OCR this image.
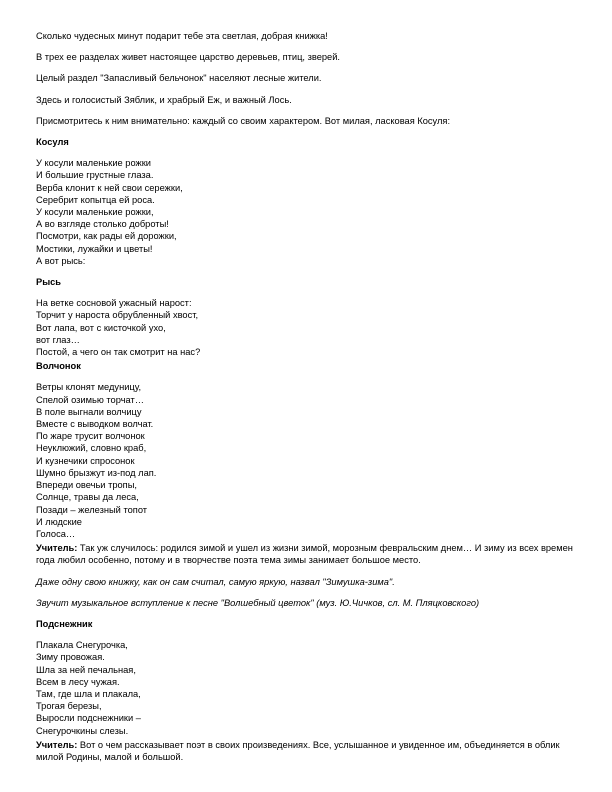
Сколько чудесных минут подарит тебе эта светлая, добрая книжка!

В трех ее разделах живет настоящее царство деревьев, птиц, зверей.

Целый раздел "Запасливый бельчонок" населяют лесные жители.

Здесь и голосистый Зяблик, и храбрый Еж, и важный Лось.

Присмотритесь к ним внимательно: каждый со своим характером. Вот милая, ласковая Косуля:

Косуля
У косули маленькие рожки
И большие грустные глаза.
Верба клонит к ней свои сережки,
Серебрит копытца ей роса.
У косули маленькие рожки,
А во взгляде столько доброты!
Посмотри, как рады ей дорожки,
Мостики, лужайки и цветы!
А вот рысь:
Рысь
На ветке сосновой ужасный нарост:
Торчит у нароста обрубленный хвост,
Вот лапа, вот с кисточкой ухо,
вот глаз…
Постой, а чего он так смотрит на нас?
Волчонок
Ветры клонят медуницу,
Спелой озимью торчат…
В поле выгнали волчицу
Вместе с выводком волчат.
По жаре трусит волчонок
Неуклюжий, словно краб,
И кузнечики спросонок
Шумно брызжут из-под лап.
Впереди овечьи тропы,
Солнце, травы да леса,
Позади – железный топот
И людские
Голоса…

Учитель: Так уж случилось: родился зимой и ушел из жизни зимой, морозным февральским днем… И зиму из всех времен года любил особенно, потому и в творчестве поэта тема зимы занимает большое место.

Даже одну свою книжку, как он сам считал, самую яркую, назвал "Зимушка-зима".

Звучит музыкальное вступление к песне "Волшебный цветок" (муз. Ю.Чичков, сл. М. Пляцковского)

Подснежник
Плакала Снегурочка,
Зиму провожая.
Шла за ней печальная,
Всем в лесу чужая.
Там, где шла и плакала,
Трогая березы,
Выросли подснежники –
Снегурочкины слезы.

Учитель: Вот о чем рассказывает поэт в своих произведениях. Все, услышанное и увиденное им, объединяется в облик милой Родины, малой и большой.
